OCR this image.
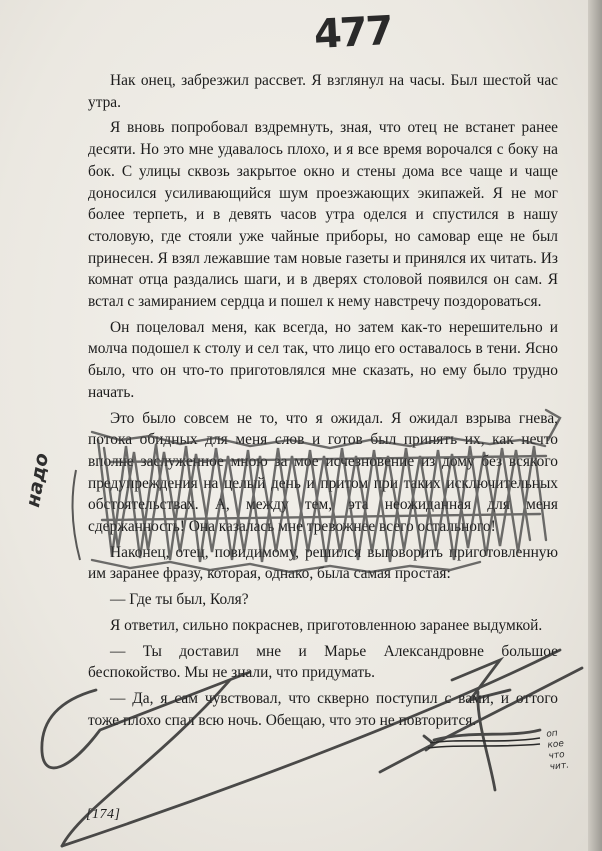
477

Нак онец, забрезжил рассвет. Я взглянул на часы. Был шестой час утра.

Я вновь попробовал вздремнуть, зная, что отец не встанет ранее десяти. Но это мне удавалось плохо, и я все время ворочался с боку на бок. С улицы сквозь закрытое окно и стены дома все чаще и чаще доносился усиливающийся шум проезжающих экипажей. Я не мог более терпеть, и в девять часов утра оделся и спустился в нашу столовую, где стояли уже чайные приборы, но самовар еще не был принесен. Я взял лежавшие там новые газеты и принялся их читать. Из комнат отца раздались шаги, и в дверях столовой появился он сам. Я встал с замиранием сердца и пошел к нему навстречу поздороваться.

Он поцеловал меня, как всегда, но затем как-то нерешительно и молча подошел к столу и сел так, что лицо его оставалось в тени. Ясно было, что он что-то приготовлялся мне сказать, но ему было трудно начать.

Это было совсем не то, что я ожидал. Я ожидал взрыва гнева, потока обидных для меня слов и готов был принять их, как нечто вполне заслуженное мною за мое исчезновение из дому без всякого предупреждения на целый день и притом при таких исключительных обстоятельствах. А, между тем, эта неожиданная для меня сдержанность! Она казалась мне тревожнее всего остального!

Наконец, отец, повидимому, решился выговорить приготовленную им заранее фразу, которая, однако, была самая простая:

— Где ты был, Коля?

Я ответил, сильно покраснев, приготовленною заранее выдумкой.

— Ты доставил мне и Марье Александровне большое беспокойство. Мы не знали, что придумать.

— Да, я сам чувствовал, что скверно поступил с вами, и оттого тоже плохо спал всю ночь. Обещаю, что это не повторится.

надо
оп
кое
что
чит.
[174]
